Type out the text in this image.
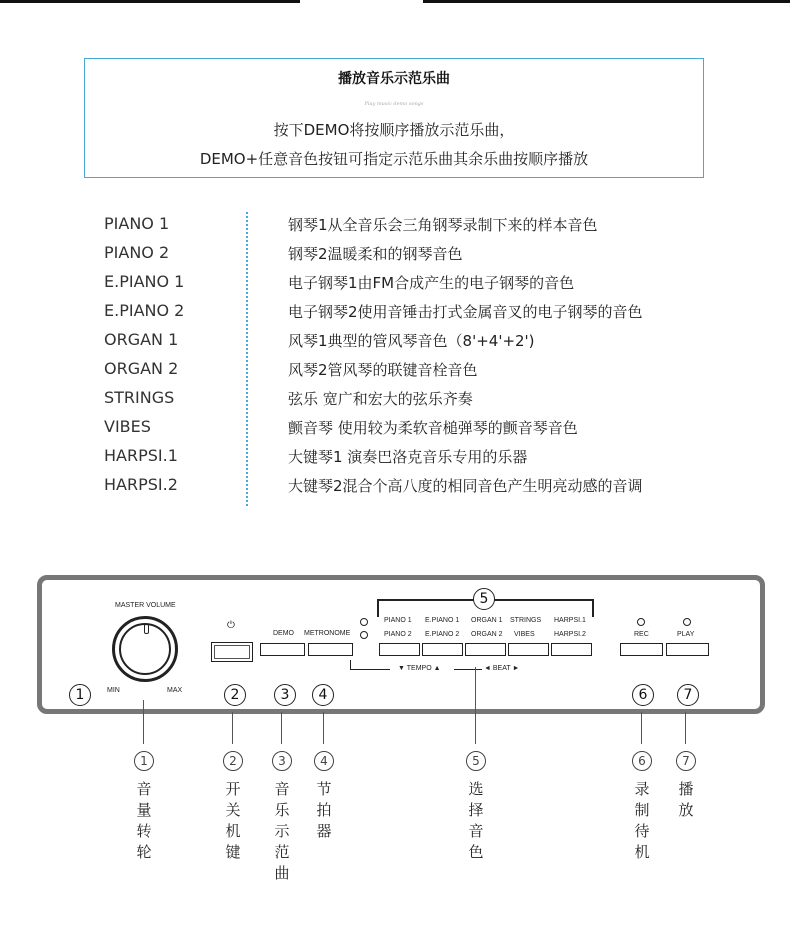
播放音乐示范乐曲
Play music demo songs
按下DEMO将按顺序播放示范乐曲，
DEMO+任意音色按钮可指定示范乐曲其余乐曲按顺序播放
PIANO 1	钢琴1从全音乐会三角钢琴录制下来的样本音色
PIANO 2	钢琴2温暖柔和的钢琴音色
E.PIANO 1	电子钢琴1由FM合成产生的电子钢琴的音色
E.PIANO 2	电子钢琴2使用音锤击打式金属音叉的电子钢琴的音色
ORGAN 1	风琴1典型的管风琴音色（8'+4'+2')
ORGAN 2	风琴2管风琴的联键音栓音色
STRINGS	弦乐 宽广和宏大的弦乐齐奏
VIBES	颤音琴 使用较为柔软音槌弹琴的颤音琴音色
HARPSI.1	大键琴1 演奏巴洛克音乐专用的乐器
HARPSI.2	大键琴2混合个高八度的相同音色产生明亮动感的音调
MASTER VOLUME
MIN	MAX
⏻
DEMO METRONOME
5
PIANO 1 E.PIANO 1 ORGAN 1 STRINGS HARPSI.1
PIANO 2 E.PIANO 2 ORGAN 2 VIBES	HARPSI.2
▼ TEMPO ▲	◄ BEAT ►
REC	PLAY
1	2	3	4	6	7
1	2	3	4	5	6	7
音量转轮
开关机键
音乐示范曲
节拍器
选择音色
录制待机
播放
